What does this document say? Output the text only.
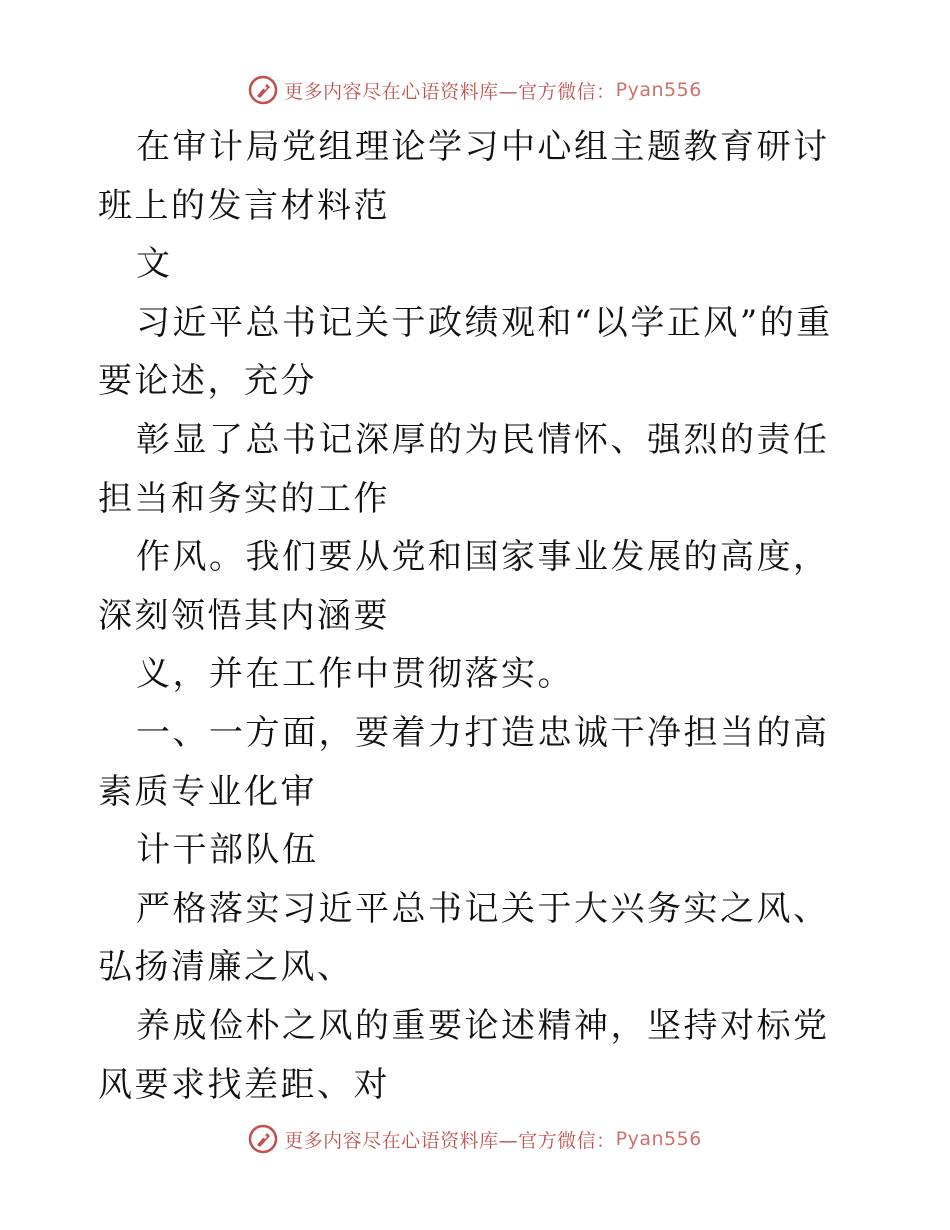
更多内容尽在心语资料库—官方微信： Pyan556

在审计局党组理论学习中心组主题教育研讨班上的发言材料范

文

习近平总书记关于政绩观和“以学正风”的重要论述，充分

彰显了总书记深厚的为民情怀、强烈的责任担当和务实的工作

作风。我们要从党和国家事业发展的高度，深刻领悟其内涵要

义，并在工作中贯彻落实。

一、一方面，要着力打造忠诚干净担当的高素质专业化审

计干部队伍

严格落实习近平总书记关于大兴务实之风、弘扬清廉之风、

养成俭朴之风的重要论述精神，坚持对标党风要求找差距、对

更多内容尽在心语资料库—官方微信： Pyan556
